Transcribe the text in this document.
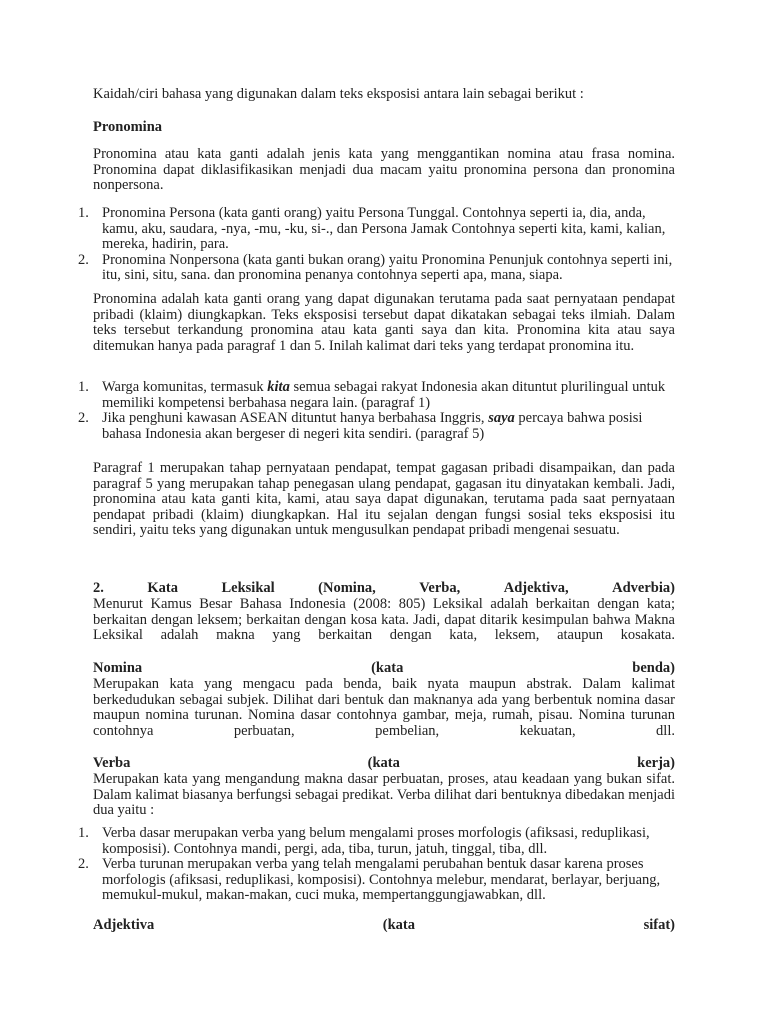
Kaidah/ciri bahasa yang digunakan dalam teks eksposisi antara lain sebagai berikut :

Pronomina

Pronomina atau kata ganti adalah jenis kata yang menggantikan nomina atau frasa nomina. Pronomina dapat diklasifikasikan menjadi dua macam yaitu pronomina persona dan pronomina nonpersona.

1. Pronomina Persona (kata ganti orang) yaitu Persona Tunggal. Contohnya seperti ia, dia, anda, kamu, aku, saudara, -nya, -mu, -ku, si-., dan Persona Jamak Contohnya seperti kita, kami, kalian, mereka, hadirin, para.
2. Pronomina Nonpersona (kata ganti bukan orang) yaitu Pronomina Penunjuk contohnya seperti ini, itu, sini, situ, sana. dan pronomina penanya contohnya seperti apa, mana, siapa.

Pronomina adalah kata ganti orang yang dapat digunakan terutama pada saat pernyataan pendapat pribadi (klaim) diungkapkan. Teks eksposisi tersebut dapat dikatakan sebagai teks ilmiah. Dalam teks tersebut terkandung pronomina atau kata ganti saya dan kita. Pronomina kita atau saya ditemukan hanya pada paragraf 1 dan 5. Inilah kalimat dari teks yang terdapat pronomina itu.

1. Warga komunitas, termasuk kita semua sebagai rakyat Indonesia akan dituntut plurilingual untuk memiliki kompetensi berbahasa negara lain. (paragraf 1)
2. Jika penghuni kawasan ASEAN dituntut hanya berbahasa Inggris, saya percaya bahwa posisi bahasa Indonesia akan bergeser di negeri kita sendiri. (paragraf 5)

Paragraf 1 merupakan tahap pernyataan pendapat, tempat gagasan pribadi disampaikan, dan pada paragraf 5 yang merupakan tahap penegasan ulang pendapat, gagasan itu dinyatakan kembali. Jadi, pronomina atau kata ganti kita, kami, atau saya dapat digunakan, terutama pada saat pernyataan pendapat pribadi (klaim) diungkapkan. Hal itu sejalan dengan fungsi sosial teks eksposisi itu sendiri, yaitu teks yang digunakan untuk mengusulkan pendapat pribadi mengenai sesuatu.

2.	Kata	Leksikal	(Nomina,	Verba,	Adjektiva,	Adverbia)

Menurut Kamus Besar Bahasa Indonesia (2008: 805) Leksikal adalah berkaitan dengan kata; berkaitan dengan leksem; berkaitan dengan kosa kata. Jadi, dapat ditarik kesimpulan bahwa Makna Leksikal adalah makna yang berkaitan dengan kata, leksem, ataupun kosakata.

Nomina	(kata	benda)

Merupakan kata yang mengacu pada benda, baik nyata maupun abstrak. Dalam kalimat berkedudukan sebagai subjek. Dilihat dari bentuk dan maknanya ada yang berbentuk nomina dasar maupun nomina turunan. Nomina dasar contohnya gambar, meja, rumah, pisau. Nomina turunan contohnya perbuatan, pembelian, kekuatan, dll.

Verba	(kata	kerja)

Merupakan kata yang mengandung makna dasar perbuatan, proses, atau keadaan yang bukan sifat. Dalam kalimat biasanya berfungsi sebagai predikat. Verba dilihat dari bentuknya dibedakan menjadi dua yaitu :

1. Verba dasar merupakan verba yang belum mengalami proses morfologis (afiksasi, reduplikasi, komposisi). Contohnya mandi, pergi, ada, tiba, turun, jatuh, tinggal, tiba, dll.
2. Verba turunan merupakan verba yang telah mengalami perubahan bentuk dasar karena proses morfologis (afiksasi, reduplikasi, komposisi). Contohnya melebur, mendarat, berlayar, berjuang, memukul-mukul, makan-makan, cuci muka, mempertanggungjawabkan, dll.
Adjektiva	(kata	sifat)
